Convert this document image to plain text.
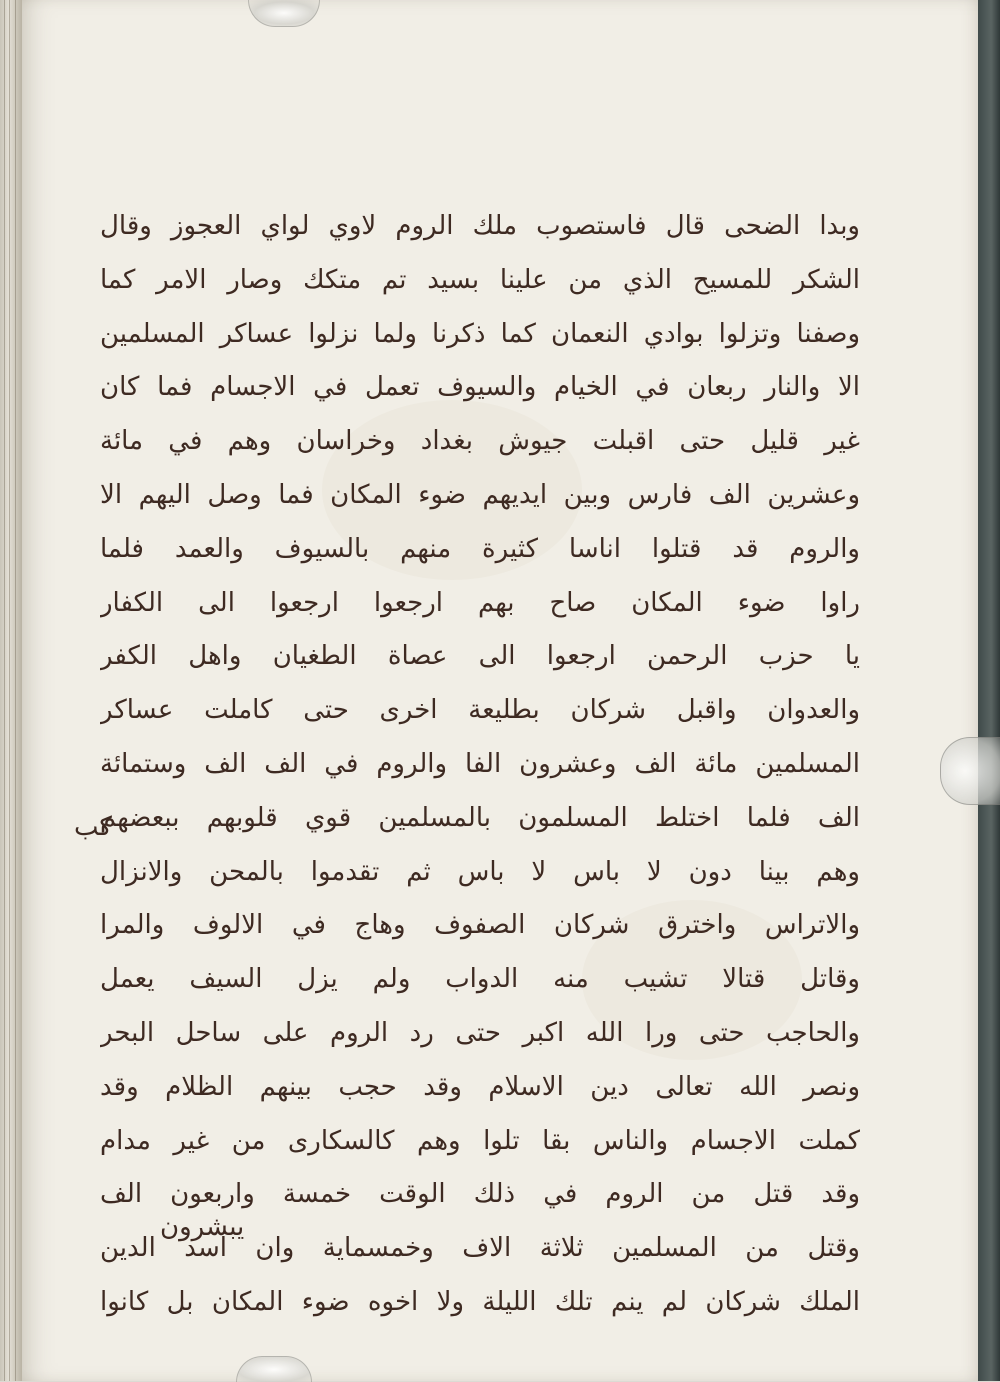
وبدا الضحى قال فاستصوب ملك الروم لاوي لواي العجوز وقال
الشكر للمسيح الذي من علينا بسيد تم متكك وصار الامر كما
وصفنا وتزلوا بوادي النعمان كما ذكرنا ولما نزلوا عساكر المسلمين
الا والنار ربعان في الخيام والسيوف تعمل في الاجسام فما كان
غير قليل حتى اقبلت جيوش بغداد وخراسان وهم في مائة
وعشرين الف فارس وبين ايديهم ضوء المكان فما وصل اليهم الا
والروم قد قتلوا اناسا كثيرة منهم بالسيوف والعمد فلما
راوا ضوء المكان صاح بهم ارجعوا ارجعوا الى الكفار
يا حزب الرحمن ارجعوا الى عصاة الطغيان واهل الكفر
والعدوان واقبل شركان بطليعة اخرى حتى كاملت عساكر
المسلمين مائة الف وعشرون الفا والروم في الف الف وستمائة
الف فلما اختلط المسلمون بالمسلمين قوي قلوبهم ببعضهم
وهم بينا دون لا باس لا باس ثم تقدموا بالمحن والانزال
والاتراس واخترق شركان الصفوف وهاج في الالوف والمرا
وقاتل قتالا تشيب منه الدواب ولم يزل السيف يعمل
والحاجب حتى ورا الله اكبر حتى رد الروم على ساحل البحر
ونصر الله تعالى دين الاسلام وقد حجب بينهم الظلام وقد
كملت الاجسام والناس بقا تلوا وهم كالسكارى من غير مدام
وقد قتل من الروم في ذلك الوقت خمسة واربعون الف
وقتل من المسلمين ثلاثة الاف وخمسماية وان اسد الدين
الملك شركان لم ينم تلك الليلة ولا اخوه ضوء المكان بل كانوا
كب
يبشرون
